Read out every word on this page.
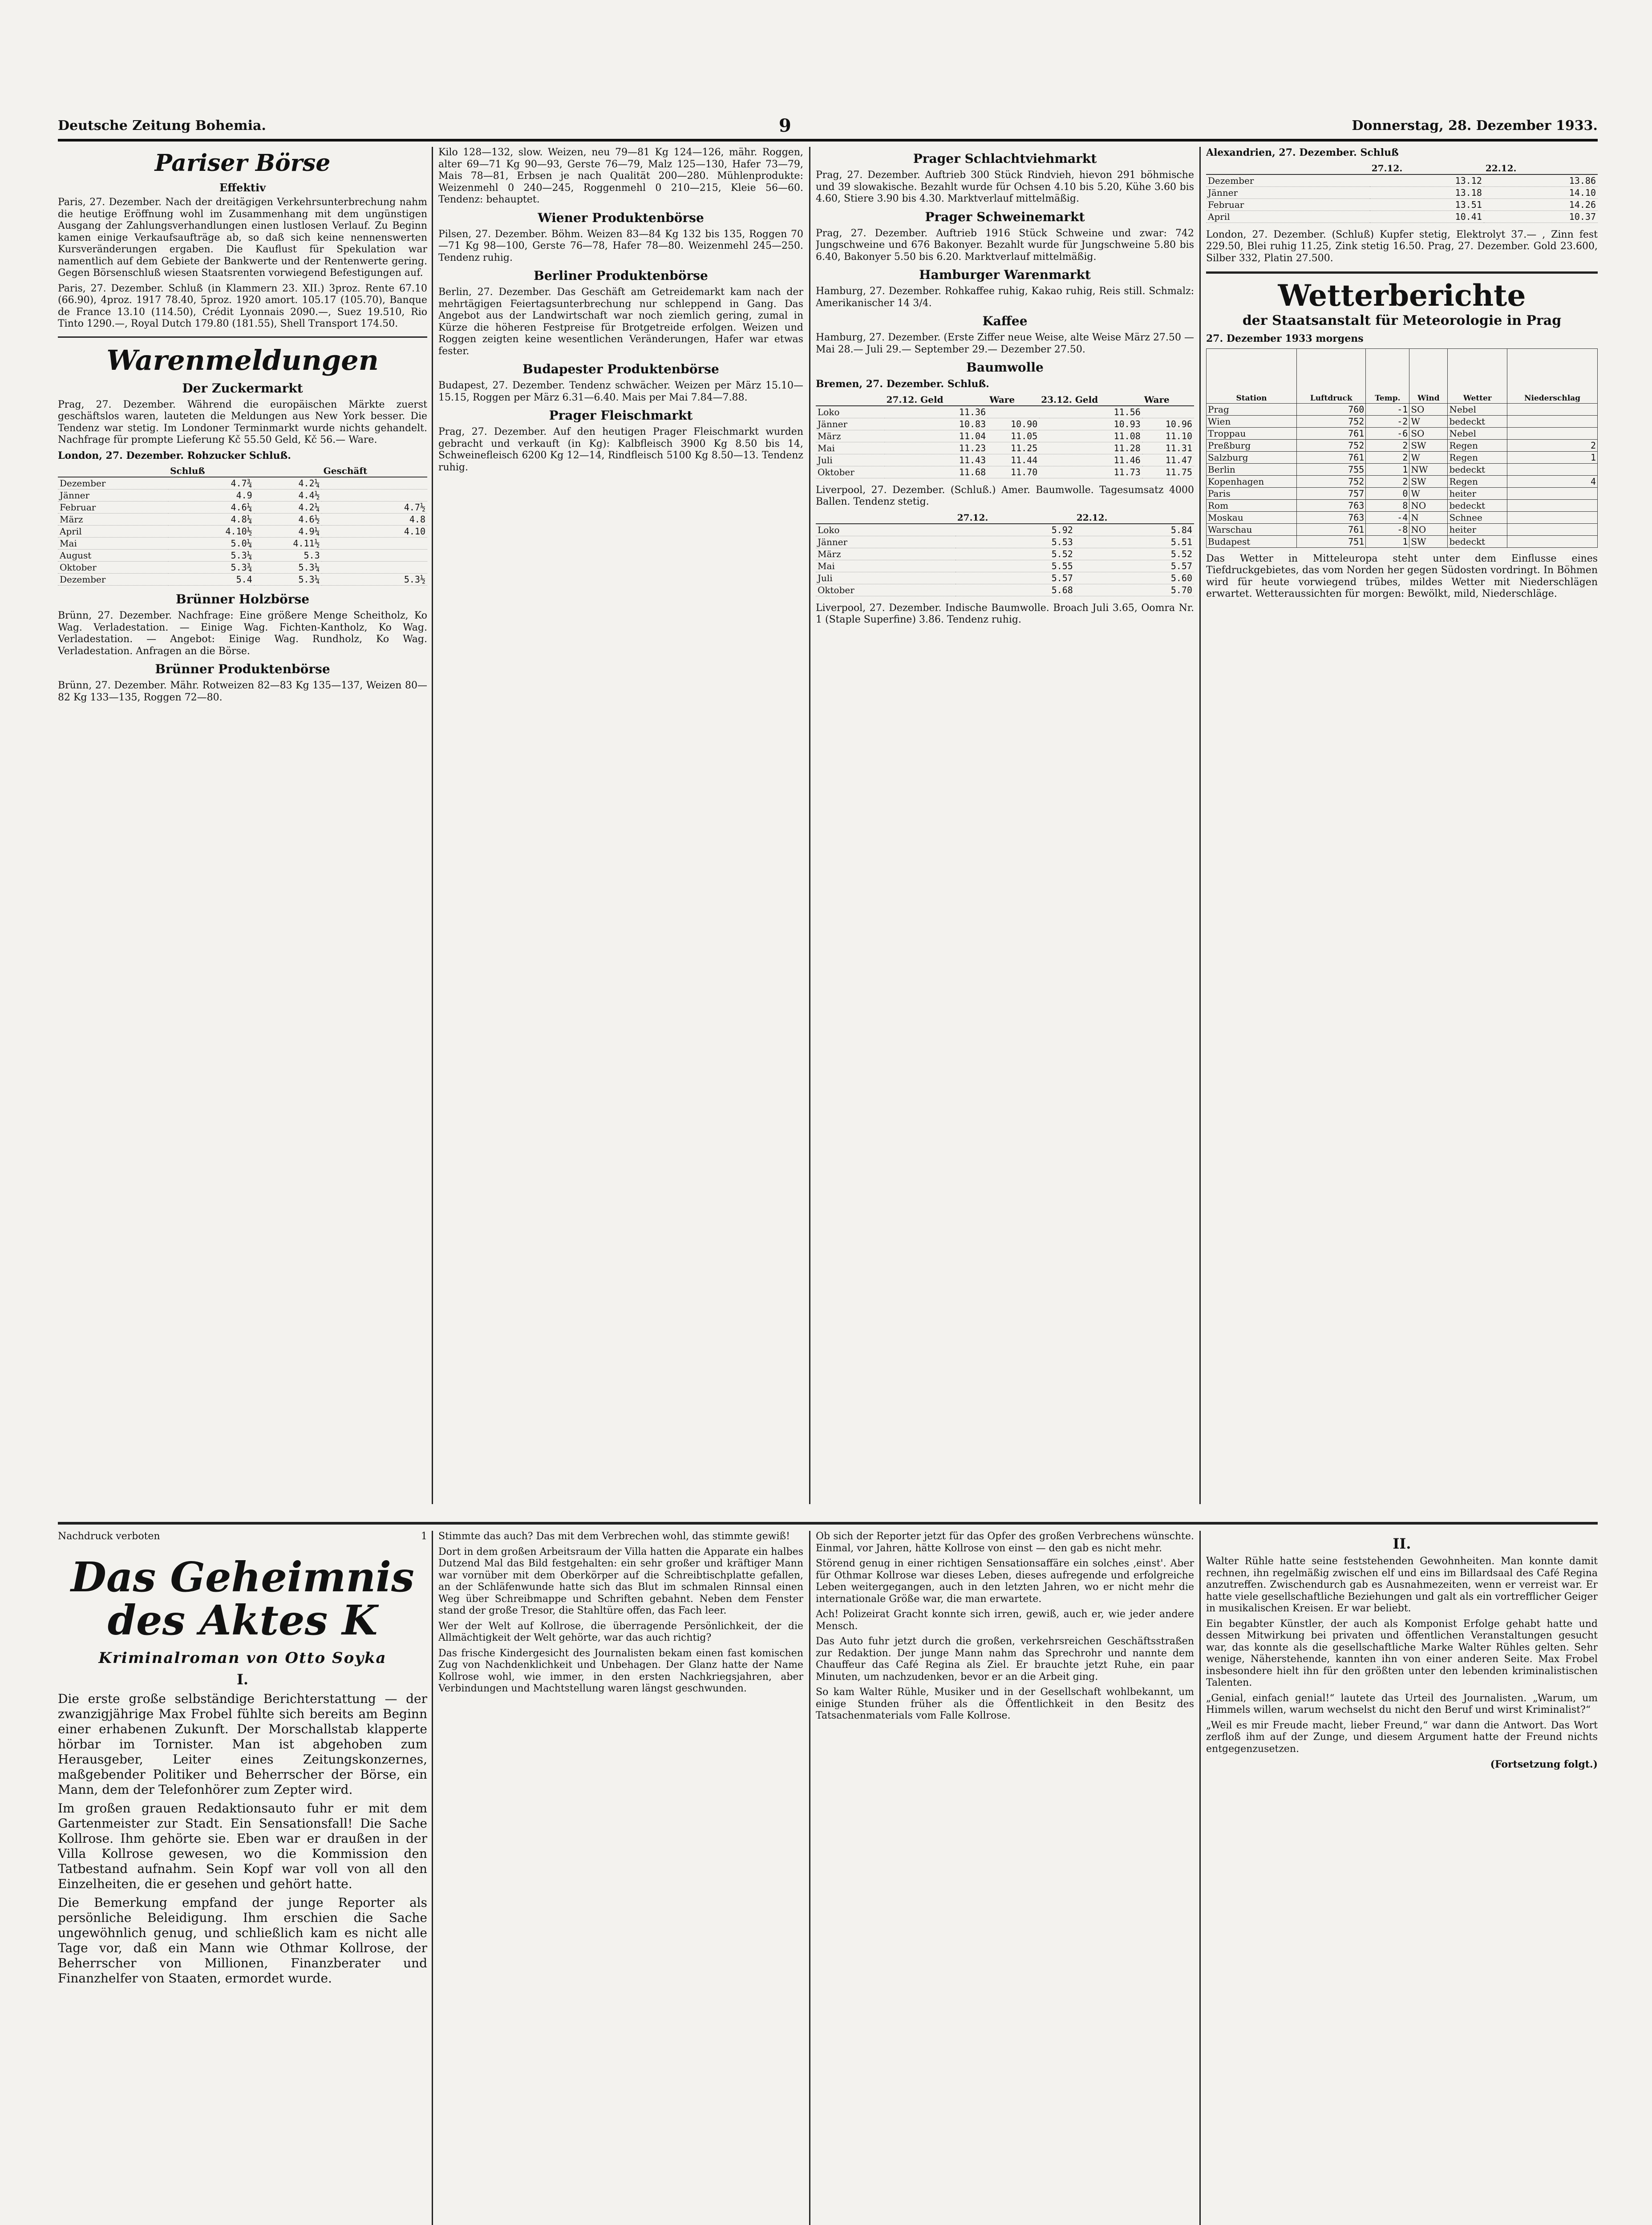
Deutsche Zeitung Bohemia.	9	Donnerstag, 28. Dezember 1933.
Pariser Börse
Effektiv

Paris, 27. Dezember. Nach der dreitägigen Verkehrsunterbrechung nahm die heutige Eröffnung wohl im Zusammenhang mit dem ungünstigen Ausgang der Zahlungsverhandlungen einen lustlosen Verlauf. Zu Beginn kamen einige Verkaufsaufträge ab, so daß sich keine nennenswerten Kursveränderungen ergaben. Die Kauflust für Spekulation war namentlich auf dem Gebiete der Bankwerte und der Rentenwerte gering. Gegen Börsenschluß wiesen Staatsrenten vorwiegend Befestigungen auf.

Paris, 27. Dezember. Schluß (in Klammern 23. XII.) 3proz. Rente 67.10 (66.90), 4proz. 1917 78.40, 5proz. 1920 amort. 105.17 (105.70), Banque de France 13.10 (114.50), Crédit Lyonnais 2090.—, Suez 19.510, Rio Tinto 1290.—, Royal Dutch 179.80 (181.55), Shell Transport 174.50.

Warenmeldungen
Der Zuckermarkt

Prag, 27. Dezember. Während die europäischen Märkte zuerst geschäftslos waren, lauteten die Meldungen aus New York besser. Die Tendenz war stetig. Im Londoner Terminmarkt wurde nichts gehandelt. Nachfrage für prompte Lieferung Kč 55.50 Geld, Kč 56.— Ware.

London, 27. Dezember. Rohzucker Schluß.

	Schluß		Geschäft
Dezember	4.7¾	4.2¼	
Jänner	4.9	4.4½	
Februar	4.6¼	4.2¼	4.7½
März	4.8¼	4.6½	4.8
April	4.10½	4.9¼	4.10
Mai	5.0¼	4.11½	
August	5.3¼	5.3	
Oktober	5.3¾	5.3¼	
Dezember	5.4	5.3¼	5.3½
Brünner Holzbörse

Brünn, 27. Dezember. Nachfrage: Eine größere Menge Scheitholz, Ko Wag. Verladestation. — Einige Wag. Fichten-Kantholz, Ko Wag. Verladestation. — Angebot: Einige Wag. Rundholz, Ko Wag. Verladestation. Anfragen an die Börse.

Brünner Produktenbörse

Brünn, 27. Dezember. Mähr. Rotweizen 82—83 Kg 135—137, Weizen 80—82 Kg 133—135, Roggen 72—80.

Kilo 128—132, slow. Weizen, neu 79—81 Kg 124—126, mähr. Roggen, alter 69—71 Kg 90—93, Gerste 76—79, Malz 125—130, Hafer 73—79, Mais 78—81, Erbsen je nach Qualität 200—280. Mühlenprodukte: Weizenmehl 0 240—245, Roggenmehl 0 210—215, Kleie 56—60. Tendenz: behauptet.

Wiener Produktenbörse

Pilsen, 27. Dezember. Böhm. Weizen 83—84 Kg 132 bis 135, Roggen 70—71 Kg 98—100, Gerste 76—78, Hafer 78—80. Weizenmehl 245—250. Tendenz ruhig.

Berliner Produktenbörse

Berlin, 27. Dezember. Das Geschäft am Getreidemarkt kam nach der mehrtägigen Feiertagsunterbrechung nur schleppend in Gang. Das Angebot aus der Landwirtschaft war noch ziemlich gering, zumal in Kürze die höheren Festpreise für Brotgetreide erfolgen. Weizen und Roggen zeigten keine wesentlichen Veränderungen, Hafer war etwas fester.

Budapester Produktenbörse

Budapest, 27. Dezember. Tendenz schwächer. Weizen per März 15.10—15.15, Roggen per März 6.31—6.40. Mais per Mai 7.84—7.88.

Prager Fleischmarkt

Prag, 27. Dezember. Auf den heutigen Prager Fleischmarkt wurden gebracht und verkauft (in Kg): Kalbfleisch 3900 Kg 8.50 bis 14, Schweinefleisch 6200 Kg 12—14, Rindfleisch 5100 Kg 8.50—13. Tendenz ruhig.

Prager Schlachtviehmarkt

Prag, 27. Dezember. Auftrieb 300 Stück Rindvieh, hievon 291 böhmische und 39 slowakische. Bezahlt wurde für Ochsen 4.10 bis 5.20, Kühe 3.60 bis 4.60, Stiere 3.90 bis 4.30. Marktverlauf mittelmäßig.

Prager Schweinemarkt

Prag, 27. Dezember. Auftrieb 1916 Stück Schweine und zwar: 742 Jungschweine und 676 Bakonyer. Bezahlt wurde für Jungschweine 5.80 bis 6.40, Bakonyer 5.50 bis 6.20. Marktverlauf mittelmäßig.

Hamburger Warenmarkt

Hamburg, 27. Dezember. Rohkaffee ruhig, Kakao ruhig, Reis still. Schmalz: Amerikanischer 14 3/4.

Kaffee

Hamburg, 27. Dezember. (Erste Ziffer neue Weise, alte Weise März 27.50 — Mai 28.— Juli 29.— September 29.— Dezember 27.50.

Baumwolle

Bremen, 27. Dezember. Schluß.

	27.12. Geld	Ware	23.12. Geld	Ware
Loko	11.36		11.56	
Jänner	10.83	10.90	10.93	10.96
März	11.04	11.05	11.08	11.10
Mai	11.23	11.25	11.28	11.31
Juli	11.43	11.44	11.46	11.47
Oktober	11.68	11.70	11.73	11.75

Liverpool, 27. Dezember. (Schluß.) Amer. Baumwolle. Tagesumsatz 4000 Ballen. Tendenz stetig.

	27.12.	22.12.
Loko	5.92	5.84
Jänner	5.53	5.51
März	5.52	5.52
Mai	5.55	5.57
Juli	5.57	5.60
Oktober	5.68	5.70

Liverpool, 27. Dezember. Indische Baumwolle. Broach Juli 3.65, Oomra Nr. 1 (Staple Superfine) 3.86. Tendenz ruhig.

Alexandrien, 27. Dezember. Schluß

	27.12.	22.12.
Dezember	13.12	13.86
Jänner	13.18	14.10
Februar	13.51	14.26
April	10.41	10.37

London, 27. Dezember. (Schluß) Kupfer stetig, Elektrolyt 37.— , Zinn fest 229.50, Blei ruhig 11.25, Zink stetig 16.50. Prag, 27. Dezember. Gold 23.600, Silber 332, Platin 27.500.

Wetterberichte
der Staatsanstalt für Meteorologie in Prag

27. Dezember 1933 morgens

Station	Luftdruck	Temp.	Wind	Wetter	Niederschlag
Prag	760	-1	SO	Nebel	
Wien	752	-2	W	bedeckt	
Troppau	761	-6	SO	Nebel	
Preßburg	752	2	SW	Regen	2
Salzburg	761	2	W	Regen	1
Berlin	755	1	NW	bedeckt	
Kopenhagen	752	2	SW	Regen	4
Paris	757	0	W	heiter	
Rom	763	8	NO	bedeckt	
Moskau	763	-4	N	Schnee	
Warschau	761	-8	NO	heiter	
Budapest	751	1	SW	bedeckt	

Das Wetter in Mitteleuropa steht unter dem Einflusse eines Tiefdruckgebietes, das vom Norden her gegen Südosten vordringt. In Böhmen wird für heute vorwiegend trübes, mildes Wetter mit Niederschlägen erwartet. Wetteraussichten für morgen: Bewölkt, mild, Niederschläge.

Nachdruck verboten	1
Das Geheimnis des Aktes K
Kriminalroman von Otto Soyka
I.

Die erste große selbständige Berichterstattung — der zwanzigjährige Max Frobel fühlte sich bereits am Beginn einer erhabenen Zukunft. Der Morschallstab klapperte hörbar im Tornister. Man ist abgehoben zum Herausgeber, Leiter eines Zeitungskonzernes, maßgebender Politiker und Beherrscher der Börse, ein Mann, dem der Telefonhörer zum Zepter wird.

Im großen grauen Redaktionsauto fuhr er mit dem Gartenmeister zur Stadt. Ein Sensationsfall! Die Sache Kollrose. Ihm gehörte sie. Eben war er draußen in der Villa Kollrose gewesen, wo die Kommission den Tatbestand aufnahm. Sein Kopf war voll von all den Einzelheiten, die er gesehen und gehört hatte.

Die Bemerkung empfand der junge Reporter als persönliche Beleidigung. Ihm erschien die Sache ungewöhnlich genug, und schließlich kam es nicht alle Tage vor, daß ein Mann wie Othmar Kollrose, der Beherrscher von Millionen, Finanzberater und Finanzhelfer von Staaten, ermordet wurde.

Stimmte das auch? Das mit dem Verbrechen wohl, das stimmte gewiß!

Dort in dem großen Arbeitsraum der Villa hatten die Apparate ein halbes Dutzend Mal das Bild festgehalten: ein sehr großer und kräftiger Mann war vornüber mit dem Oberkörper auf die Schreibtischplatte gefallen, an der Schläfenwunde hatte sich das Blut im schmalen Rinnsal einen Weg über Schreibmappe und Schriften gebahnt. Neben dem Fenster stand der große Tresor, die Stahltüre offen, das Fach leer.

Wer der Welt auf Kollrose, die überragende Persönlichkeit, der die Allmächtigkeit der Welt gehörte, war das auch richtig?

Das frische Kindergesicht des Journalisten bekam einen fast komischen Zug von Nachdenklichkeit und Unbehagen. Der Glanz hatte der Name Kollrose wohl, wie immer, in den ersten Nachkriegsjahren, aber Verbindungen und Machtstellung waren längst geschwunden.

Ob sich der Reporter jetzt für das Opfer des großen Verbrechens wünschte. Einmal, vor Jahren, hätte Kollrose von einst — den gab es nicht mehr.

Störend genug in einer richtigen Sensationsaffäre ein solches ‚einst'. Aber für Othmar Kollrose war dieses Leben, dieses aufregende und erfolgreiche Leben weitergegangen, auch in den letzten Jahren, wo er nicht mehr die internationale Größe war, die man erwartete.

Ach! Polizeirat Gracht konnte sich irren, gewiß, auch er, wie jeder andere Mensch.

Das Auto fuhr jetzt durch die großen, verkehrsreichen Geschäftsstraßen zur Redaktion. Der junge Mann nahm das Sprechrohr und nannte dem Chauffeur das Café Regina als Ziel. Er brauchte jetzt Ruhe, ein paar Minuten, um nachzudenken, bevor er an die Arbeit ging.

So kam Walter Rühle, Musiker und in der Gesellschaft wohlbekannt, um einige Stunden früher als die Öffentlichkeit in den Besitz des Tatsachenmaterials vom Falle Kollrose.

II.

Walter Rühle hatte seine feststehenden Gewohnheiten. Man konnte damit rechnen, ihn regelmäßig zwischen elf und eins im Billardsaal des Café Regina anzutreffen. Zwischendurch gab es Ausnahmezeiten, wenn er verreist war. Er hatte viele gesellschaftliche Beziehungen und galt als ein vortrefflicher Geiger in musikalischen Kreisen. Er war beliebt.

Ein begabter Künstler, der auch als Komponist Erfolge gehabt hatte und dessen Mitwirkung bei privaten und öffentlichen Veranstaltungen gesucht war, das konnte als die gesellschaftliche Marke Walter Rühles gelten. Sehr wenige, Näherstehende, kannten ihn von einer anderen Seite. Max Frobel insbesondere hielt ihn für den größten unter den lebenden kriminalistischen Talenten.

„Genial, einfach genial!“ lautete das Urteil des Journalisten. „Warum, um Himmels willen, warum wechselst du nicht den Beruf und wirst Kriminalist?“

„Weil es mir Freude macht, lieber Freund,“ war dann die Antwort. Das Wort zerfloß ihm auf der Zunge, und diesem Argument hatte der Freund nichts entgegenzusetzen.

(Fortsetzung folgt.)
